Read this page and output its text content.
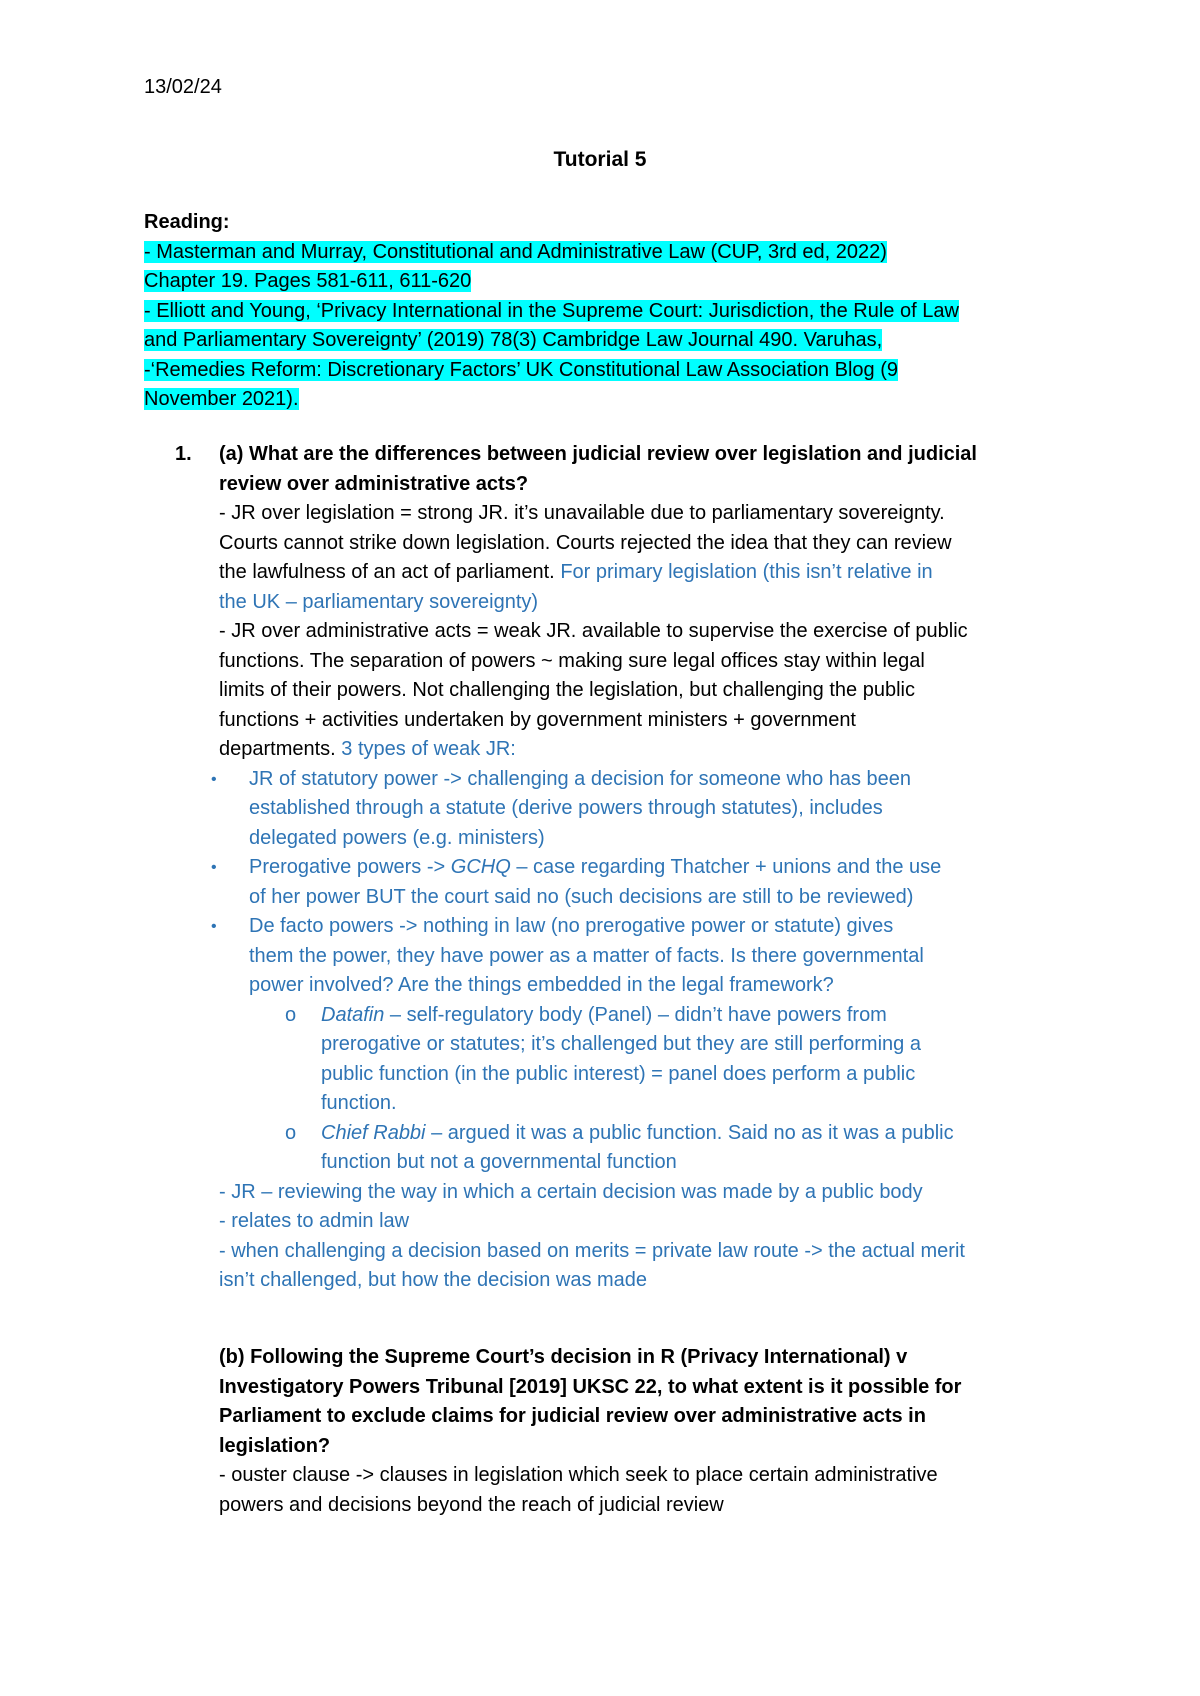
13/02/24
Tutorial 5
Reading:
- Masterman and Murray, Constitutional and Administrative Law (CUP, 3rd ed, 2022)
Chapter 19. Pages 581-611, 611-620
- Elliott and Young, ‘Privacy International in the Supreme Court: Jurisdiction, the Rule of Law
and Parliamentary Sovereignty’ (2019) 78(3) Cambridge Law Journal 490. Varuhas,
-‘Remedies Reform: Discretionary Factors’ UK Constitutional Law Association Blog (9
November 2021).
1. (a) What are the differences between judicial review over legislation and judicial
review over administrative acts?
- JR over legislation = strong JR. it’s unavailable due to parliamentary sovereignty.
Courts cannot strike down legislation. Courts rejected the idea that they can review
the lawfulness of an act of parliament. For primary legislation (this isn’t relative in
the UK – parliamentary sovereignty)
- JR over administrative acts = weak JR. available to supervise the exercise of public
functions. The separation of powers ~ making sure legal offices stay within legal
limits of their powers. Not challenging the legislation, but challenging the public
functions + activities undertaken by government ministers + government
departments. 3 types of weak JR:
• JR of statutory power -> challenging a decision for someone who has been
established through a statute (derive powers through statutes), includes
delegated powers (e.g. ministers)
• Prerogative powers -> GCHQ – case regarding Thatcher + unions and the use
of her power BUT the court said no (such decisions are still to be reviewed)
• De facto powers -> nothing in law (no prerogative power or statute) gives
them the power, they have power as a matter of facts. Is there governmental
power involved? Are the things embedded in the legal framework?
o Datafin – self-regulatory body (Panel) – didn’t have powers from
prerogative or statutes; it’s challenged but they are still performing a
public function (in the public interest) = panel does perform a public
function.
o Chief Rabbi – argued it was a public function. Said no as it was a public
function but not a governmental function
- JR – reviewing the way in which a certain decision was made by a public body
- relates to admin law
- when challenging a decision based on merits = private law route -> the actual merit
isn’t challenged, but how the decision was made
(b) Following the Supreme Court’s decision in R (Privacy International) v
Investigatory Powers Tribunal [2019] UKSC 22, to what extent is it possible for
Parliament to exclude claims for judicial review over administrative acts in
legislation?
- ouster clause -> clauses in legislation which seek to place certain administrative
powers and decisions beyond the reach of judicial review
